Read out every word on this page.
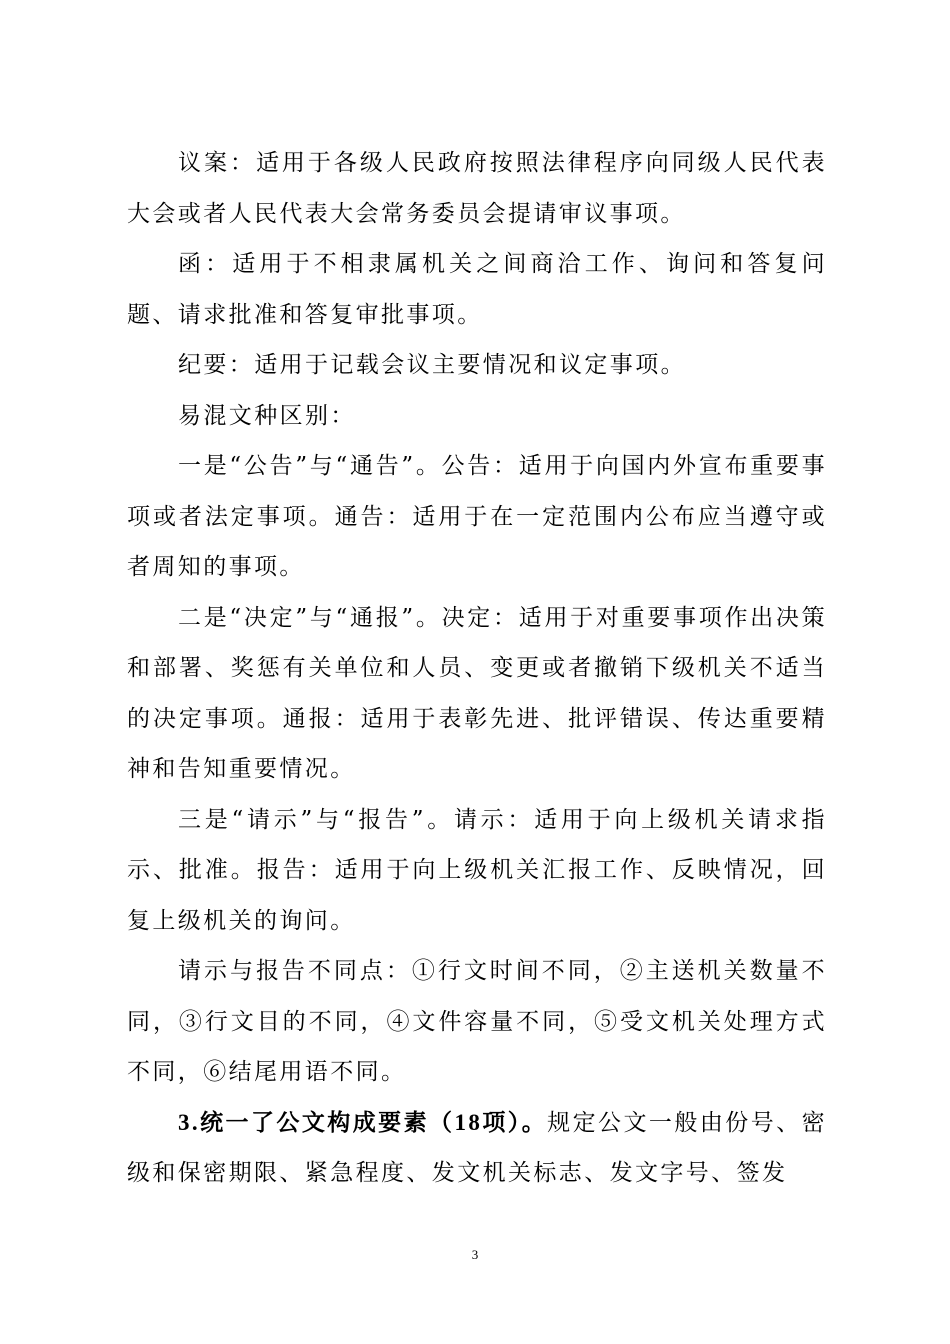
议案：适用于各级人民政府按照法律程序向同级人民代表大会或者人民代表大会常务委员会提请审议事项。

函：适用于不相隶属机关之间商洽工作、询问和答复问题、请求批准和答复审批事项。

纪要：适用于记载会议主要情况和议定事项。

易混文种区别：

一是“公告”与“通告”。公告：适用于向国内外宣布重要事项或者法定事项。通告：适用于在一定范围内公布应当遵守或者周知的事项。

二是“决定”与“通报”。决定：适用于对重要事项作出决策和部署、奖惩有关单位和人员、变更或者撤销下级机关不适当的决定事项。通报：适用于表彰先进、批评错误、传达重要精神和告知重要情况。

三是“请示”与“报告”。请示：适用于向上级机关请求指示、批准。报告：适用于向上级机关汇报工作、反映情况，回复上级机关的询问。

请示与报告不同点：①行文时间不同，②主送机关数量不同，③行文目的不同，④文件容量不同，⑤受文机关处理方式不同，⑥结尾用语不同。

3.统一了公文构成要素（18项）。规定公文一般由份号、密级和保密期限、紧急程度、发文机关标志、发文字号、签发

3
